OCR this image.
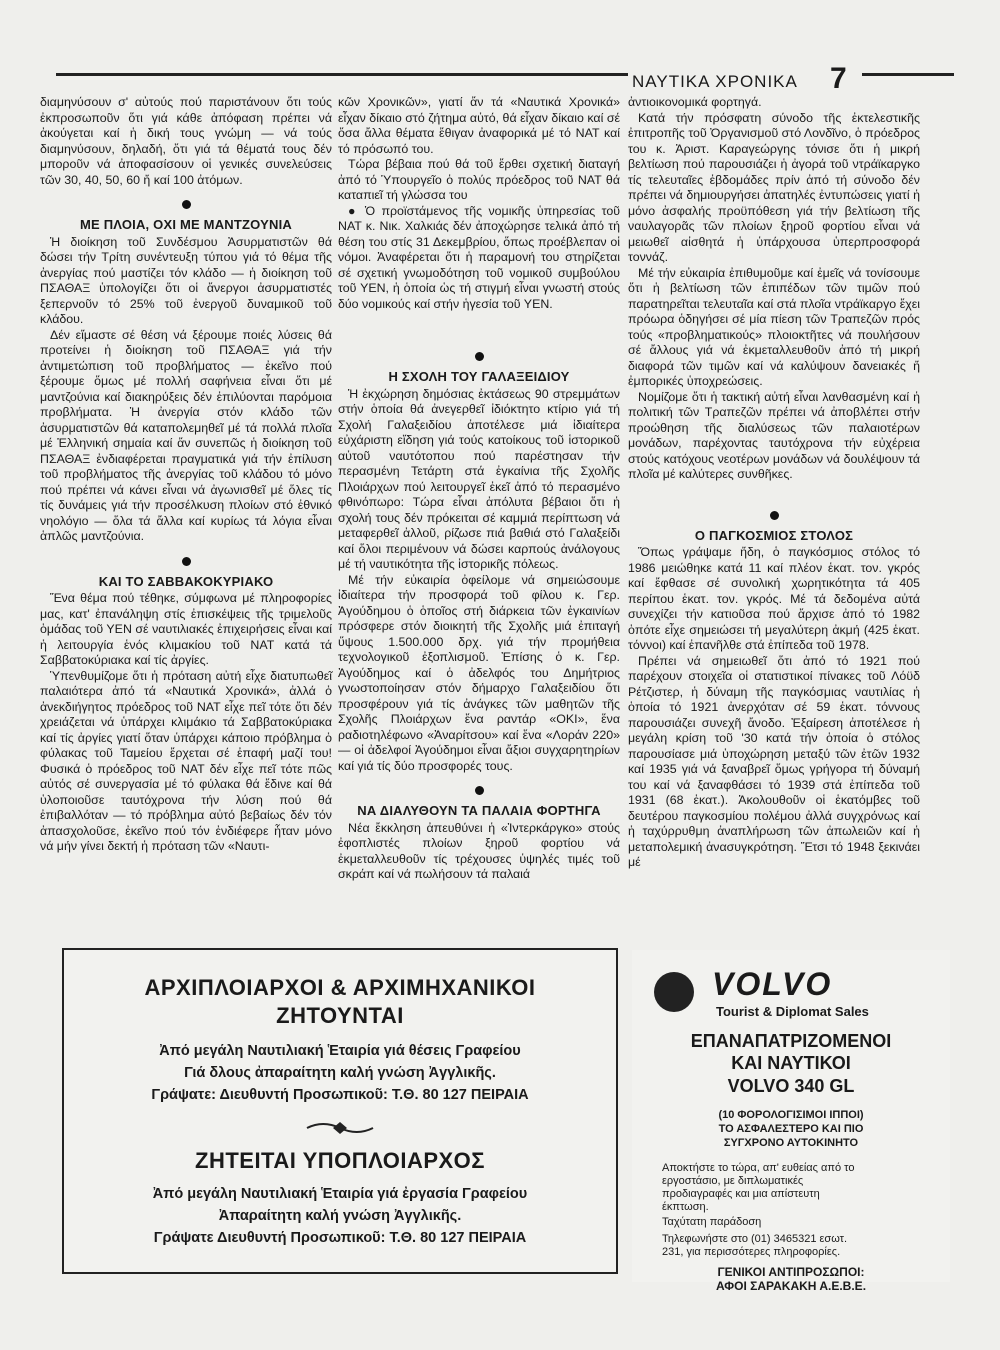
ΝΑΥΤΙΚΑ ΧΡΟΝΙΚΑ 7

διαμηνύσουν σ' αὐτούς πού παριστάνουν ὅτι τούς ἐκπροσωποῦν ὅτι γιά κάθε ἀπόφαση πρέπει νά ἀκούγεται καί ἡ δική τους γνώμη — νά τούς διαμηνύσουν, δηλαδή, ὅτι γιά τά θέματά τους δέν μποροῦν νά ἀποφασίσουν οἱ γενικές συνελεύσεις τῶν 30, 40, 50, 60 ἤ καί 100 ἀτόμων.

ΜΕ ΠΛΟΙΑ, ΟΧΙ ΜΕ ΜΑΝΤΖΟΥΝΙΑ

Ἡ διοίκηση τοῦ Συνδέσμου Ἀσυρματιστῶν θά δώσει τήν Τρίτη συνέντευξη τύπου γιά τό θέμα τῆς ἀνεργίας πού μαστίζει τόν κλάδο — ἡ διοίκηση τοῦ ΠΣΑΘΑΞ ὑπολογίζει ὅτι οἱ ἄνεργοι ἀσυρματιστές ξεπερνοῦν τό 25% τοῦ ἐνεργοῦ δυναμικοῦ τοῦ κλάδου.

Δέν εἴμαστε σέ θέση νά ξέρουμε ποιές λύσεις θά προτείνει ἡ διοίκηση τοῦ ΠΣΑΘΑΞ γιά τήν ἀντιμετώπιση τοῦ προβλήματος — ἐκεῖνο πού ξέρουμε ὅμως μέ πολλή σαφήνεια εἶναι ὅτι μέ μαντζούνια καί διακηρύξεις δέν ἐπιλύονται παρόμοια προβλήματα. Ἡ ἀνεργία στόν κλάδο τῶν ἀσυρματιστῶν θά καταπολεμηθεῖ μέ τά πολλά πλοῖα μέ Ἑλληνική σημαία καί ἄν συνεπῶς ἡ διοίκηση τοῦ ΠΣΑΘΑΞ ἐνδιαφέρεται πραγματικά γιά τήν ἐπίλυση τοῦ προβλήματος τῆς ἀνεργίας τοῦ κλάδου τό μόνο πού πρέπει νά κάνει εἶναι νά ἀγωνισθεῖ μέ ὅλες τίς τίς δυνάμεις γιά τήν προσέλκυση πλοίων στό ἐθνικό νηολόγιο — ὅλα τά ἄλλα καί κυρίως τά λόγια εἶναι ἁπλῶς μαντζούνια.

ΚΑΙ ΤΟ ΣΑΒΒΑΚΟΚΥΡΙΑΚΟ

Ἕνα θέμα πού τέθηκε, σύμφωνα μέ πληροφορίες μας, κατ' ἐπανάληψη στίς ἐπισκέψεις τῆς τριμελοῦς ὁμάδας τοῦ ΥΕΝ σέ ναυτιλιακές ἐπιχειρήσεις εἶναι καί ἡ λειτουργία ἑνός κλιμακίου τοῦ ΝΑΤ κατά τά Σαββατοκύριακα καί τίς ἀργίες.

Ὑπενθυμίζομε ὅτι ἡ πρόταση αὐτή εἶχε διατυπωθεῖ παλαιότερα ἀπό τά «Ναυτικά Χρονικά», ἀλλά ὁ ἀνεκδιήγητος πρόεδρος τοῦ ΝΑΤ εἶχε πεῖ τότε ὅτι δέν χρειάζεται νά ὑπάρχει κλιμάκιο τά Σαββατοκύριακα καί τίς ἀργίες γιατί ὅταν ὑπάρχει κάποιο πρόβλημα ὁ φύλακας τοῦ Ταμείου ἔρχεται σέ ἐπαφή μαζί του! Φυσικά ὁ πρόεδρος τοῦ ΝΑΤ δέν εἶχε πεῖ τότε πῶς αὐτός σέ συνεργασία μέ τό φύλακα θά ἔδινε καί θά ὑλοποιοῦσε ταυτόχρονα τήν λύση πού θά ἐπιβαλλόταν — τό πρόβλημα αὐτό βεβαίως δέν τόν ἀπασχολοῦσε, ἐκεῖνο πού τόν ἐνδιέφερε ἦταν μόνο νά μήν γίνει δεκτή ἡ πρόταση τῶν «Ναυτι-

κῶν Χρονικῶν», γιατί ἄν τά «Ναυτικά Χρονικά» εἶχαν δίκαιο στό ζήτημα αὐτό, θά εἶχαν δίκαιο καί σέ ὅσα ἄλλα θέματα ἔθιγαν ἀναφορικά μέ τό ΝΑΤ καί τό πρόσωπό του.

Τώρα βέβαια πού θά τοῦ ἔρθει σχετική διαταγή ἀπό τό Ὑπουργεῖο ὁ πολύς πρόεδρος τοῦ ΝΑΤ θά καταπιεῖ τή γλώσσα του

● Ὁ προϊστάμενος τῆς νομικῆς ὑπηρεσίας τοῦ ΝΑΤ κ. Νικ. Χαλκιάς δέν ἀποχώρησε τελικά ἀπό τή θέση του στίς 31 Δεκεμβρίου, ὅπως προέβλεπαν οἱ νόμοι. Ἀναφέρεται ὅτι ἡ παραμονή του στηρίζεται σέ σχετική γνωμοδότηση τοῦ νομικοῦ συμβούλου τοῦ ΥΕΝ, ἡ ὁποία ὡς τή στιγμή εἶναι γνωστή στούς δύο νομικούς καί στήν ἡγεσία τοῦ ΥΕΝ.

Η ΣΧΟΛΗ ΤΟΥ ΓΑΛΑΞΕΙΔΙΟΥ

Ἡ ἐκχώρηση δημόσιας ἐκτάσεως 90 στρεμμάτων στήν ὁποία θά ἀνεγερθεῖ ἰδιόκτητο κτίριο γιά τή Σχολή Γαλαξειδίου ἀποτέλεσε μιά ἰδιαίτερα εὐχάριστη εἴδηση γιά τούς κατοίκους τοῦ ἱστορικοῦ αὐτοῦ ναυτότοπου πού παρέστησαν τήν περασμένη Τετάρτη στά ἐγκαίνια τῆς Σχολῆς Πλοιάρχων πού λειτουργεῖ ἐκεῖ ἀπό τό περασμένο φθινόπωρο: Τώρα εἶναι ἀπόλυτα βέβαιοι ὅτι ἡ σχολή τους δέν πρόκειται σέ καμμιά περίπτωση νά μεταφερθεῖ ἀλλοῦ, ρίζωσε πιά βαθιά στό Γαλαξείδι καί ὅλοι περιμένουν νά δώσει καρπούς ἀνάλογους μέ τή ναυτικότητα τῆς ἱστορικῆς πόλεως.

Μέ τήν εὐκαιρία ὀφείλομε νά σημειώσουμε ἰδιαίτερα τήν προσφορά τοῦ φίλου κ. Γερ. Ἀγούδημου ὁ ὁποῖος στή διάρκεια τῶν ἐγκαινίων πρόσφερε στόν διοικητή τῆς Σχολῆς μιά ἐπιταγή ὕψους 1.500.000 δρχ. γιά τήν προμήθεια τεχνολογικοῦ ἐξοπλισμοῦ. Ἐπίσης ὁ κ. Γερ. Ἀγούδημος καί ὁ ἀδελφός του Δημήτριος γνωστοποίησαν στόν δήμαρχο Γαλαξειδίου ὅτι προσφέρουν γιά τίς ἀνάγκες τῶν μαθητῶν τῆς Σχολῆς Πλοιάρχων ἕνα ραντάρ «ΟΚΙ», ἕνα ραδιοτηλέφωνο «Ἀναρίτσου» καί ἕνα «Λοράν 220» — οἱ ἀδελφοί Ἀγούδημοι εἶναι ἄξιοι συγχαρητηρίων καί γιά τίς δύο προσφορές τους.

ΝΑ ΔΙΑΛΥΘΟΥΝ ΤΑ ΠΑΛΑΙΑ ΦΟΡΤΗΓΑ

Νέα ἔκκληση ἀπευθύνει ἡ «Ἰντερκάργκο» στούς ἐφοπλιστές πλοίων ξηροῦ φορτίου νά ἐκμεταλλευθοῦν τίς τρέχουσες ὑψηλές τιμές τοῦ σκράπ καί νά πωλήσουν τά παλαιά

ἀντιοικονομικά φορτηγά.

Κατά τήν πρόσφατη σύνοδο τῆς ἐκτελεστικῆς ἐπιτροπῆς τοῦ Ὀργανισμοῦ στό Λονδῖνο, ὁ πρόεδρος του κ. Ἀριστ. Καραγεώργης τόνισε ὅτι ἡ μικρή βελτίωση πού παρουσιάζει ἡ ἀγορά τοῦ ντράϊκαργκο τίς τελευταῖες ἑβδομάδες πρίν ἀπό τή σύνοδο δέν πρέπει νά δημιουργήσει ἀπατηλές ἐντυπώσεις γιατί ἡ μόνο ἀσφαλής προϋπόθεση γιά τήν βελτίωση τῆς ναυλαγορᾶς τῶν πλοίων ξηροῦ φορτίου εἶναι νά μειωθεῖ αἰσθητά ἡ ὑπάρχουσα ὑπερπροσφορά τοννάζ.

Μέ τήν εὐκαιρία ἐπιθυμοῦμε καί ἐμεῖς νά τονίσουμε ὅτι ἡ βελτίωση τῶν ἐπιπέδων τῶν τιμῶν πού παρατηρεῖται τελευταῖα καί στά πλοῖα ντράϊκαργο ἔχει πρόωρα ὁδηγήσει σέ μία πίεση τῶν Τραπεζῶν πρός τούς «προβληματικούς» πλοιοκτῆτες νά πουλήσουν σέ ἄλλους γιά νά ἐκμεταλλευθοῦν ἀπό τή μικρή διαφορά τῶν τιμῶν καί νά καλύψουν δανειακές ἤ ἐμπορικές ὑποχρεώσεις.

Νομίζομε ὅτι ἡ τακτική αὐτή εἶναι λανθασμένη καί ἡ πολιτική τῶν Τραπεζῶν πρέπει νά ἀποβλέπει στήν προώθηση τῆς διαλύσεως τῶν παλαιοτέρων μονάδων, παρέχοντας ταυτόχρονα τήν εὐχέρεια στούς κατόχους νεοτέρων μονάδων νά δουλέψουν τά πλοῖα μέ καλύτερες συνθῆκες.

Ο ΠΑΓΚΟΣΜΙΟΣ ΣΤΟΛΟΣ

Ὅπως γράψαμε ἤδη, ὁ παγκόσμιος στόλος τό 1986 μειώθηκε κατά 11 καί πλέον ἑκατ. τον. γκρός καί ἔφθασε σέ συνολική χωρητικότητα τά 405 περίπου ἑκατ. τον. γκρός. Μέ τά δεδομένα αὐτά συνεχίζει τήν κατιοῦσα πού ἄρχισε ἀπό τό 1982 ὁπότε εἶχε σημειώσει τή μεγαλύτερη ἀκμή (425 ἑκατ. τόννοι) καί ἐπανῆλθε στά ἐπίπεδα τοῦ 1978.

Πρέπει νά σημειωθεῖ ὅτι ἀπό τό 1921 πού παρέχουν στοιχεῖα οἱ στατιστικοί πίνακες τοῦ Λόϋδ Ρέτζιστερ, ἡ δύναμη τῆς παγκόσμιας ναυτιλίας ἡ ὁποία τό 1921 ἀνερχόταν σέ 59 ἑκατ. τόννους παρουσιάζει συνεχῆ ἄνοδο. Ἐξαίρεση ἀποτέλεσε ἡ μεγάλη κρίση τοῦ '30 κατά τήν ὁποία ὁ στόλος παρουσίασε μιά ὑποχώρηση μεταξύ τῶν ἐτῶν 1932 καί 1935 γιά νά ξαναβρεῖ ὅμως γρήγορα τή δύναμή του καί νά ξαναφθάσει τό 1939 στά ἐπίπεδα τοῦ 1931 (68 ἑκατ.). Ἀκολουθοῦν οἱ ἑκατόμβες τοῦ δευτέρου παγκοσμίου πολέμου ἀλλά συγχρόνως καί ἡ ταχύρρυθμη ἀναπλήρωση τῶν ἀπωλειῶν καί ἡ μεταπολεμική ἀνασυγκρότηση. Ἔτσι τό 1948 ξεκινάει μέ

ΑΡΧΙΠΛΟΙΑΡΧΟΙ & ΑΡΧΙΜΗΧΑΝΙΚΟΙ
ΖΗΤΟΥΝΤΑΙ
Ἀπό μεγάλη Ναυτιλιακή Ἑταιρία γιά θέσεις Γραφείου
Γιά δλους ἀπαραίτητη καλή γνώση Ἀγγλικῆς.
Γράψατε: Διευθυντή Προσωπικοῦ: Τ.Θ. 80 127 ΠΕΙΡΑΙΑ
ΖΗΤΕΙΤΑΙ ΥΠΟΠΛΟΙΑΡΧΟΣ
Ἀπό μεγάλη Ναυτιλιακή Ἑταιρία γιά ἐργασία Γραφείου
Ἀπαραίτητη καλή γνώση Ἀγγλικῆς.
Γράψατε Διευθυντή Προσωπικοῦ: Τ.Θ. 80 127 ΠΕΙΡΑΙΑ
VOLVO
Tourist & Diplomat Sales
ΕΠΑΝΑΠΑΤΡΙΖΟΜΕΝΟΙ
ΚΑΙ ΝΑΥΤΙΚΟΙ
VOLVO 340 GL
(10 ΦΟΡΟΛΟΓΙΣΙΜΟΙ ΙΠΠΟΙ)
ΤΟ ΑΣΦΑΛΕΣΤΕΡΟ ΚΑΙ ΠΙΟ
ΣΥΓΧΡΟΝΟ ΑΥΤΟΚΙΝΗΤΟ
Αποκτήστε το τώρα, απ' ευθείας από το εργοστάσιο, με διπλωματικές προδιαγραφές και μια απίστευτη έκπτωση.
Ταχύτατη παράδοση
Τηλεφωνήστε στο (01) 3465321 εσωτ. 231, για περισσότερες πληροφορίες.
ΓΕΝΙΚΟΙ ΑΝΤΙΠΡΟΣΩΠΟΙ:
ΑΦΟΙ ΣΑΡΑΚΑΚΗ Α.Ε.Β.Ε.
